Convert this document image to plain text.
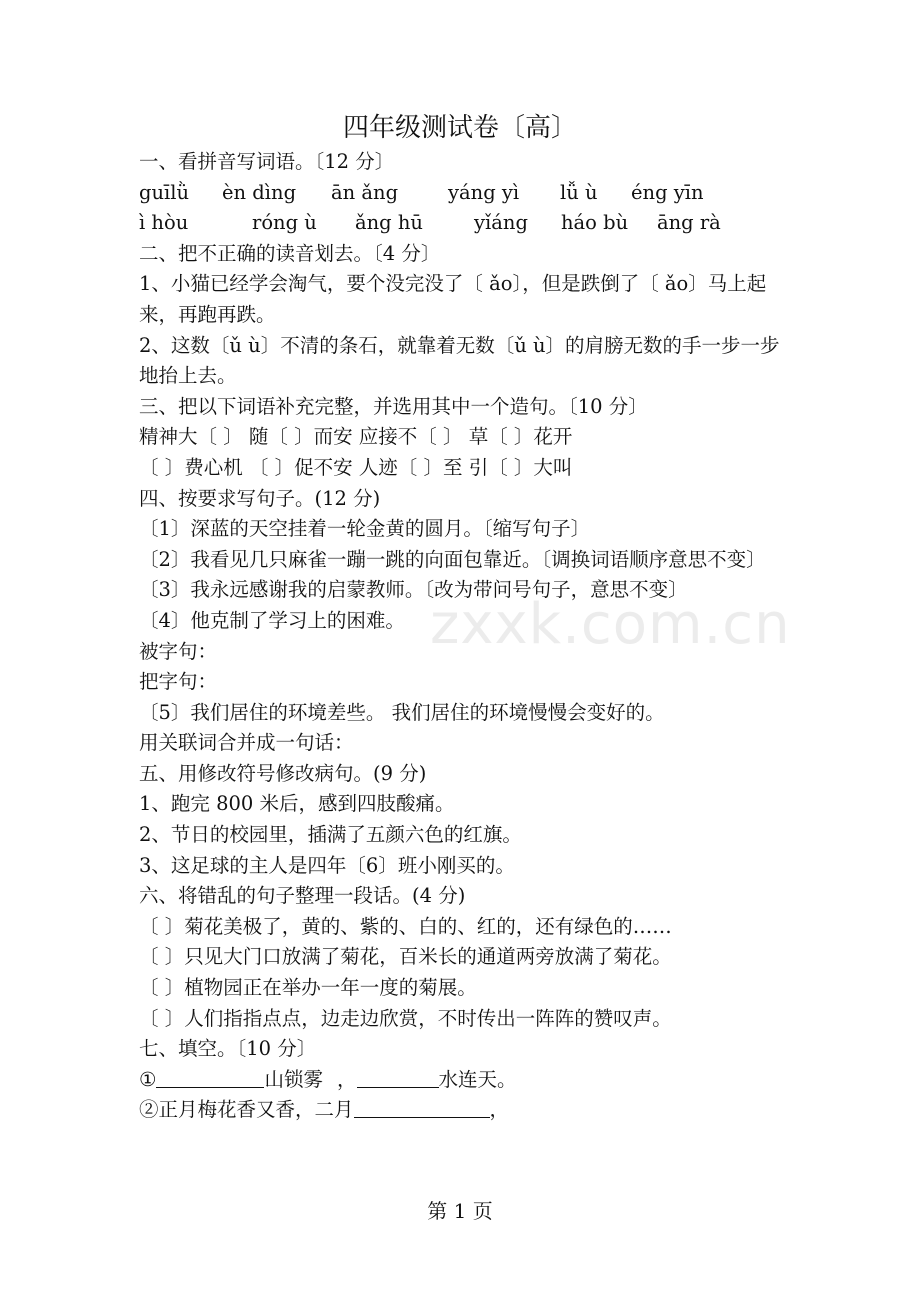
zxxk.com.cn
四年级测试卷〔高〕
一、看拼音写词语。〔12 分〕
guīlǜ	èn dìng	ān ǎng	yáng yì	lǚ ù	éng yīn
ì hòu	róng ù	ǎng hū	yǐáng	háo bù	āng rà
二、把不正确的读音划去。〔4 分〕
1、小猫已经学会淘气，要个没完没了〔 ǎo〕，但是跌倒了〔 ǎo〕马上起来，再跑再跌。
2、这数〔ǔ ù〕不清的条石，就靠着无数〔ǔ ù〕的肩膀无数的手一步一步地抬上去。
三、把以下词语补充完整，并选用其中一个造句。〔10 分〕
精神大〔 〕 随〔 〕而安 应接不〔 〕 草〔 〕花开
〔 〕费心机 〔 〕促不安 人迹〔 〕至 引〔 〕大叫
四、按要求写句子。(12 分)
〔1〕深蓝的天空挂着一轮金黄的圆月。〔缩写句子〕
〔2〕我看见几只麻雀一蹦一跳的向面包靠近。〔调换词语顺序意思不变〕
〔3〕我永远感谢我的启蒙教师。〔改为带问号句子，意思不变〕
〔4〕他克制了学习上的困难。
被字句：
把字句：
〔5〕我们居住的环境差些。 我们居住的环境慢慢会变好的。
用关联词合并成一句话：
五、用修改符号修改病句。(9 分)
1、跑完 800 米后，感到四肢酸痛。
2、节日的校园里，插满了五颜六色的红旗。
3、这足球的主人是四年〔6〕班小刚买的。
六、将错乱的句子整理一段话。(4 分)
〔 〕菊花美极了，黄的、紫的、白的、红的，还有绿色的……
〔 〕只见大门口放满了菊花，百米长的通道两旁放满了菊花。
〔 〕植物园正在举办一年一度的菊展。
〔 〕人们指指点点，边走边欣赏，不时传出一阵阵的赞叹声。
七、填空。〔10 分〕
①	山锁雾 ，	水连天。
②正月梅花香又香，二月	，
第 1 页
